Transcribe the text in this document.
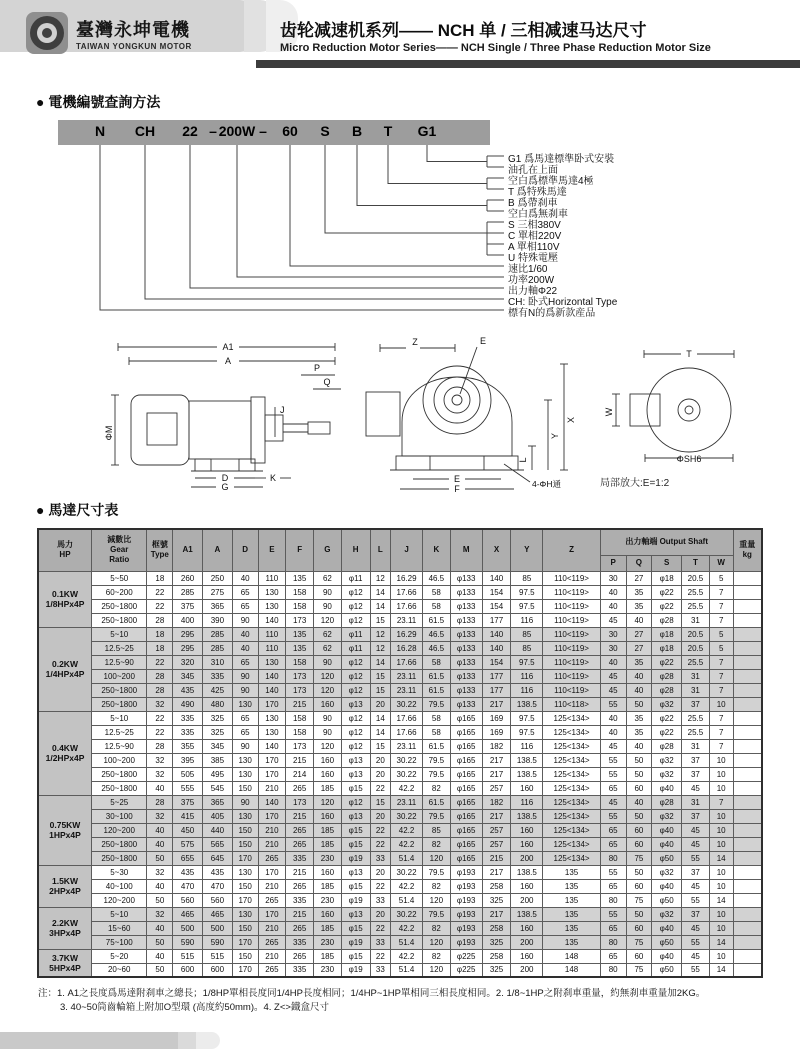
臺灣永坤電機
TAIWAN YONGKUN MOTOR
齿轮减速机系列—— NCH 单 / 三相减速马达尺寸
Micro Reduction Motor Series—— NCH Single / Three Phase Reduction Motor Size
● 電機編號查詢方法
N	CH	22 – 200W –	60	S	B	T	G1
G1 爲馬達標準卧式安裝
油孔在上面
空白爲標準馬達4極
T 爲特殊馬達
B 爲帶刹車
空白爲無刹車
S 三相380V
C 單相220V
A 單相110V
U 特殊電壓
速比1/60
功率200W
出力軸Φ22
CH: 卧式Horizontal Type
標有N的爲新款産品
A1
A
P
Q
ΦM
J
D	K
G
Z	E
X
Y
L
E
F	4-ΦH通
T
W
ΦSH6
局部放大:E=1:2
● 馬達尺寸表
馬力
HP

減數比
Gear
Ratio

框號
Type
	A1	A	D	E	F	G	H	L	J	K	M	X	Y	Z	出力軸端 Output Shaft	重量
kg

																	P	Q	S	T	W	

0.1KW
1/8HPx4P	5~50	18	260	250	40	110	135	62	φ11	12	16.29	46.5	φ133	140	85	110<119>	30	27	φ18	20.5	5	
	60~200	22	285	275	65	130	158	90	φ12	14	17.66	58	φ133	154	97.5	110<119>	40	35	φ22	25.5	7	
	250~1800	22	375	365	65	130	158	90	φ12	14	17.66	58	φ133	154	97.5	110<119>	40	35	φ22	25.5	7	
	250~1800	28	400	390	90	140	173	120	φ12	15	23.11	61.5	φ133	177	116	110<119>	45	40	φ28	31	7	

0.2KW
1/4HPx4P	5~10	18	295	285	40	110	135	62	φ11	12	16.29	46.5	φ133	140	85	110<119>	30	27	φ18	20.5	5	
	12.5~25	18	295	285	40	110	135	62	φ11	12	16.28	46.5	φ133	140	85	110<119>	30	27	φ18	20.5	5	
	12.5~90	22	320	310	65	130	158	90	φ12	14	17.66	58	φ133	154	97.5	110<119>	40	35	φ22	25.5	7	
	100~200	28	345	335	90	140	173	120	φ12	15	23.11	61.5	φ133	177	116	110<119>	45	40	φ28	31	7	
	250~1800	28	435	425	90	140	173	120	φ12	15	23.11	61.5	φ133	177	116	110<119>	45	40	φ28	31	7	
	250~1800	32	490	480	130	170	215	160	φ13	20	30.22	79.5	φ133	217	138.5	110<118>	55	50	φ32	37	10	

0.4KW
1/2HPx4P	5~10	22	335	325	65	130	158	90	φ12	14	17.66	58	φ165	169	97.5	125<134>	40	35	φ22	25.5	7	
	12.5~25	22	335	325	65	130	158	90	φ12	14	17.66	58	φ165	169	97.5	125<134>	40	35	φ22	25.5	7	
	12.5~90	28	355	345	90	140	173	120	φ12	15	23.11	61.5	φ165	182	116	125<134>	45	40	φ28	31	7	
	100~200	32	395	385	130	170	215	160	φ13	20	30.22	79.5	φ165	217	138.5	125<134>	55	50	φ32	37	10	
	250~1800	32	505	495	130	170	214	160	φ13	20	30.22	79.5	φ165	217	138.5	125<134>	55	50	φ32	37	10	
	250~1800	40	555	545	150	210	265	185	φ15	22	42.2	82	φ165	257	160	125<134>	65	60	φ40	45	10	

0.75KW
1HPx4P	5~25	28	375	365	90	140	173	120	φ12	15	23.11	61.5	φ165	182	116	125<134>	45	40	φ28	31	7	
	30~100	32	415	405	130	170	215	160	φ13	20	30.22	79.5	φ165	217	138.5	125<134>	55	50	φ32	37	10	
	120~200	40	450	440	150	210	265	185	φ15	22	42.2	85	φ165	257	160	125<134>	65	60	φ40	45	10	
	250~1800	40	575	565	150	210	265	185	φ15	22	42.2	82	φ165	257	160	125<134>	65	60	φ40	45	10	
	250~1800	50	655	645	170	265	335	230	φ19	33	51.4	120	φ165	215	200	125<134>	80	75	φ50	55	14	

1.5KW
2HPx4P	5~30	32	435	435	130	170	215	160	φ13	20	30.22	79.5	φ193	217	138.5	135	55	50	φ32	37	10	
	40~100	40	470	470	150	210	265	185	φ15	22	42.2	82	φ193	258	160	135	65	60	φ40	45	10	
	120~200	50	560	560	170	265	335	230	φ19	33	51.4	120	φ193	325	200	135	80	75	φ50	55	14	

2.2KW
3HPx4P	5~10	32	465	465	130	170	215	160	φ13	20	30.22	79.5	φ193	217	138.5	135	55	50	φ32	37	10	
	15~60	40	500	500	150	210	265	185	φ15	22	42.2	82	φ193	258	160	135	65	60	φ40	45	10	
	75~100	50	590	590	170	265	335	230	φ19	33	51.4	120	φ193	325	200	135	80	75	φ50	55	14	

3.7KW
5HPx4P	5~20	40	515	515	150	210	265	185	φ15	22	42.2	82	φ225	258	160	148	65	60	φ40	45	10	
	20~60	50	600	600	170	265	335	230	φ19	33	51.4	120	φ225	325	200	148	80	75	φ50	55	14	
注：1. A1之長度爲馬達附刹車之總長；1/8HP單相長度同1/4HP長度相同；1/4HP~1HP單相同三相長度相同。2. 1/8~1HP之附刹車重量，約無刹車重量加2KG。
3. 40~50筒齒輪箱上附加O型環 (高度約50mm)。4. Z<>鐵盒尺寸
